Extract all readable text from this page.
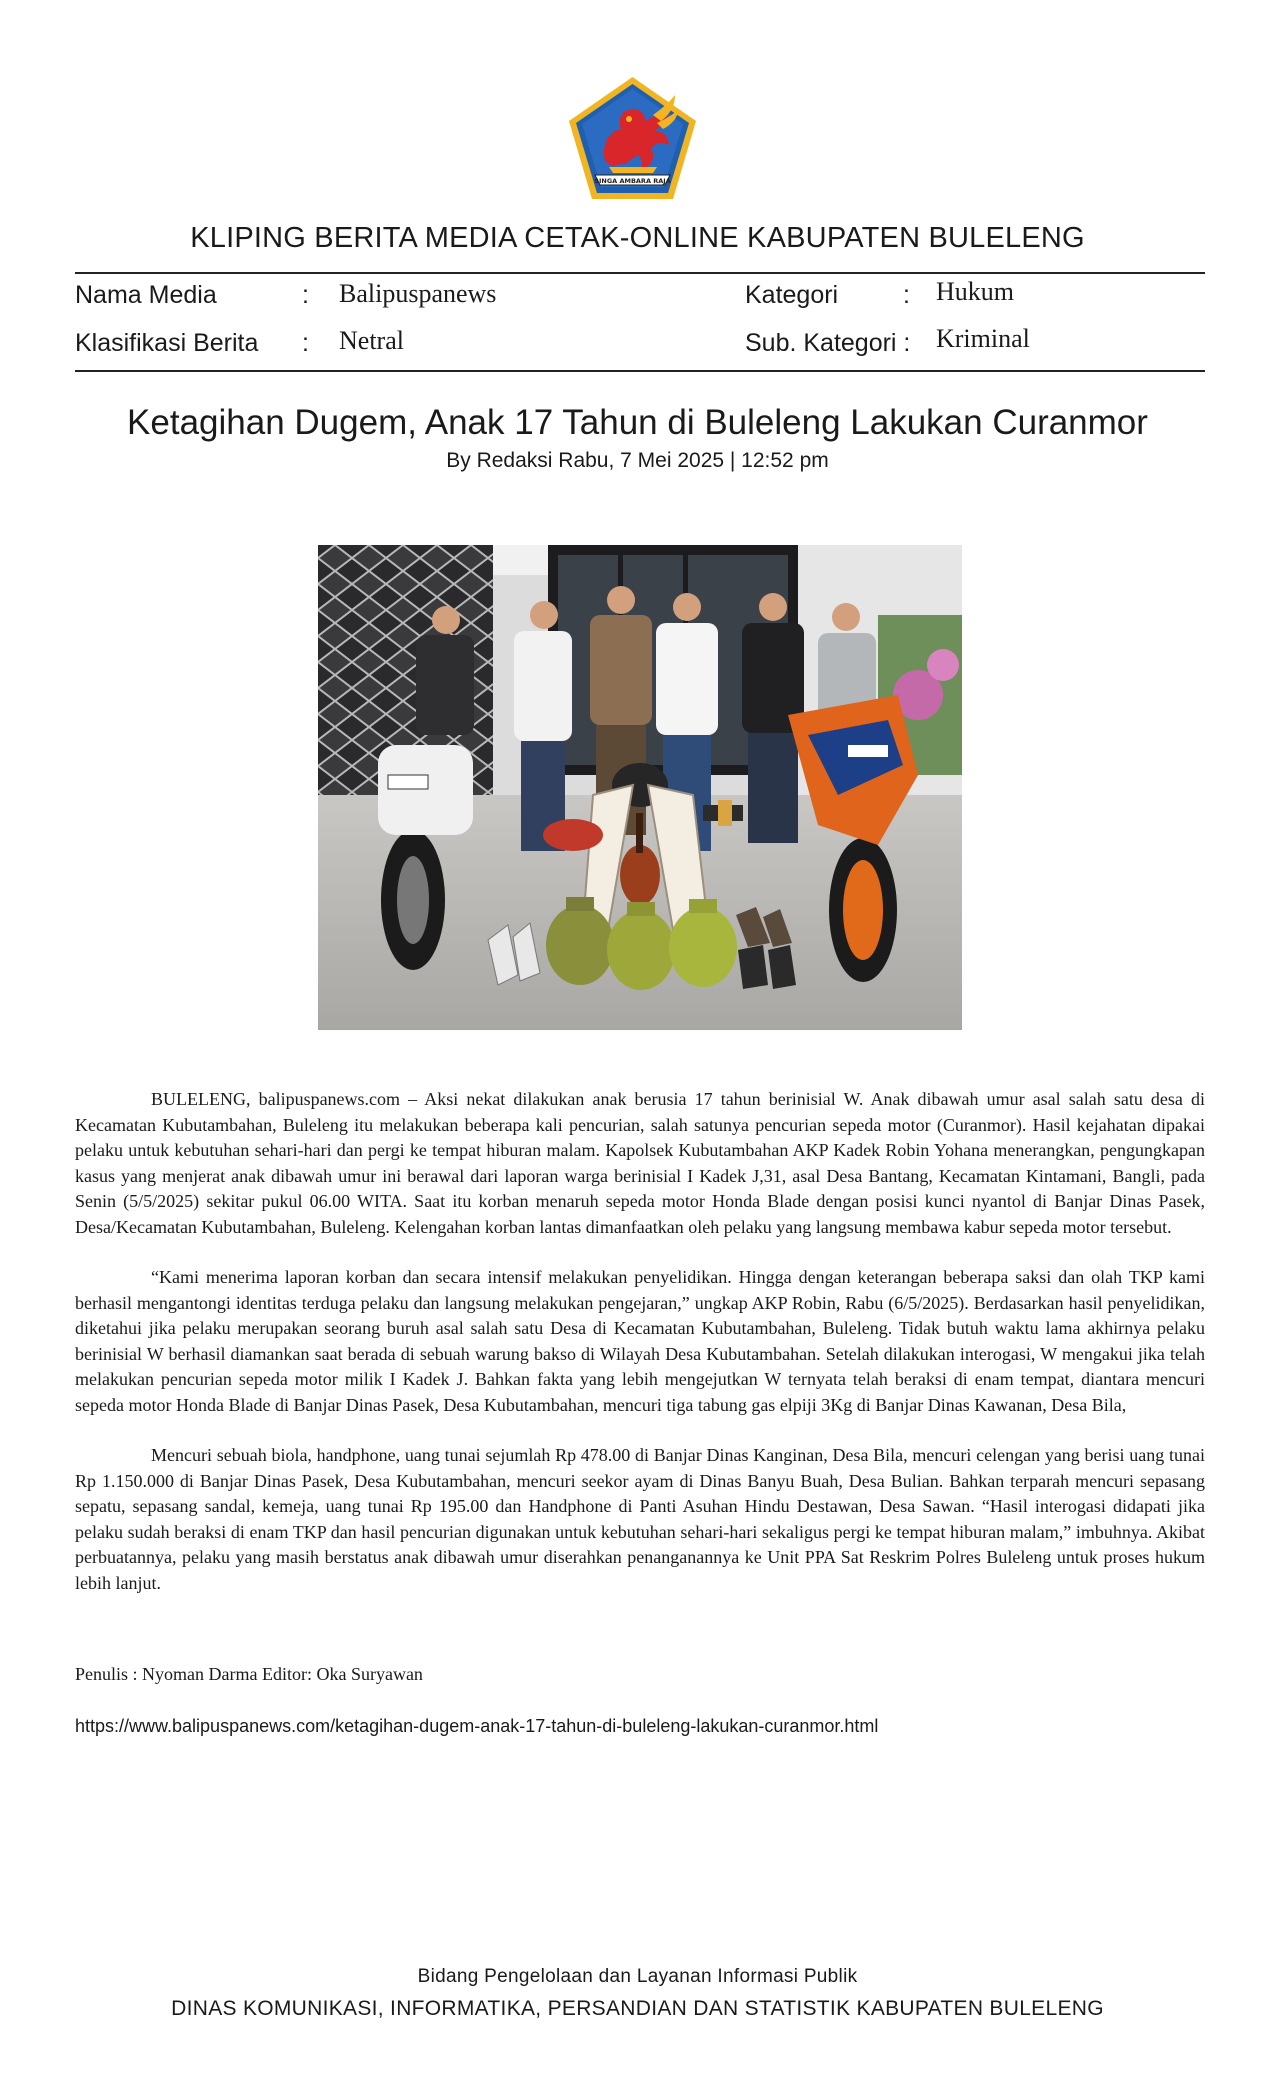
SINGA AMBARA RAJA
KLIPING BERITA MEDIA CETAK-ONLINE KABUPATEN BULELENG
Nama Media	: Balipuspanews	Kategori	: Hukum
Klasifikasi Berita : Netral	Sub. Kategori : Kriminal
Ketagihan Dugem, Anak 17 Tahun di Buleleng Lakukan Curanmor
By Redaksi Rabu, 7 Mei 2025 | 12:52 pm

BULELENG, balipuspanews.com – Aksi nekat dilakukan anak berusia 17 tahun berinisial W. Anak dibawah umur asal salah satu desa di Kecamatan Kubutambahan, Buleleng itu melakukan beberapa kali pencurian, salah satunya pencurian sepeda motor (Curanmor). Hasil kejahatan dipakai pelaku untuk kebutuhan sehari-hari dan pergi ke tempat hiburan malam. Kapolsek Kubutambahan AKP Kadek Robin Yohana menerangkan, pengungkapan kasus yang menjerat anak dibawah umur ini berawal dari laporan warga berinisial I Kadek J,31, asal Desa Bantang, Kecamatan Kintamani, Bangli, pada Senin (5/5/2025) sekitar pukul 06.00 WITA. Saat itu korban menaruh sepeda motor Honda Blade dengan posisi kunci nyantol di Banjar Dinas Pasek, Desa/Kecamatan Kubutambahan, Buleleng. Kelengahan korban lantas dimanfaatkan oleh pelaku yang langsung membawa kabur sepeda motor tersebut.

“Kami menerima laporan korban dan secara intensif melakukan penyelidikan. Hingga dengan keterangan beberapa saksi dan olah TKP kami berhasil mengantongi identitas terduga pelaku dan langsung melakukan pengejaran,” ungkap AKP Robin, Rabu (6/5/2025). Berdasarkan hasil penyelidikan, diketahui jika pelaku merupakan seorang buruh asal salah satu Desa di Kecamatan Kubutambahan, Buleleng. Tidak butuh waktu lama akhirnya pelaku berinisial W berhasil diamankan saat berada di sebuah warung bakso di Wilayah Desa Kubutambahan. Setelah dilakukan interogasi, W mengakui jika telah melakukan pencurian sepeda motor milik I Kadek J. Bahkan fakta yang lebih mengejutkan W ternyata telah beraksi di enam tempat, diantara mencuri sepeda motor Honda Blade di Banjar Dinas Pasek, Desa Kubutambahan, mencuri tiga tabung gas elpiji 3Kg di Banjar Dinas Kawanan, Desa Bila,

Mencuri sebuah biola, handphone, uang tunai sejumlah Rp 478.00 di Banjar Dinas Kanginan, Desa Bila, mencuri celengan yang berisi uang tunai Rp 1.150.000 di Banjar Dinas Pasek, Desa Kubutambahan, mencuri seekor ayam di Dinas Banyu Buah, Desa Bulian. Bahkan terparah mencuri sepasang sepatu, sepasang sandal, kemeja, uang tunai Rp 195.00 dan Handphone di Panti Asuhan Hindu Destawan, Desa Sawan. “Hasil interogasi didapati jika pelaku sudah beraksi di enam TKP dan hasil pencurian digunakan untuk kebutuhan sehari-hari sekaligus pergi ke tempat hiburan malam,” imbuhnya. Akibat perbuatannya, pelaku yang masih berstatus anak dibawah umur diserahkan penanganannya ke Unit PPA Sat Reskrim Polres Buleleng untuk proses hukum lebih lanjut.

Penulis : Nyoman Darma Editor: Oka Suryawan
https://www.balipuspanews.com/ketagihan-dugem-anak-17-tahun-di-buleleng-lakukan-curanmor.html
Bidang Pengelolaan dan Layanan Informasi Publik
DINAS KOMUNIKASI, INFORMATIKA, PERSANDIAN DAN STATISTIK KABUPATEN BULELENG
